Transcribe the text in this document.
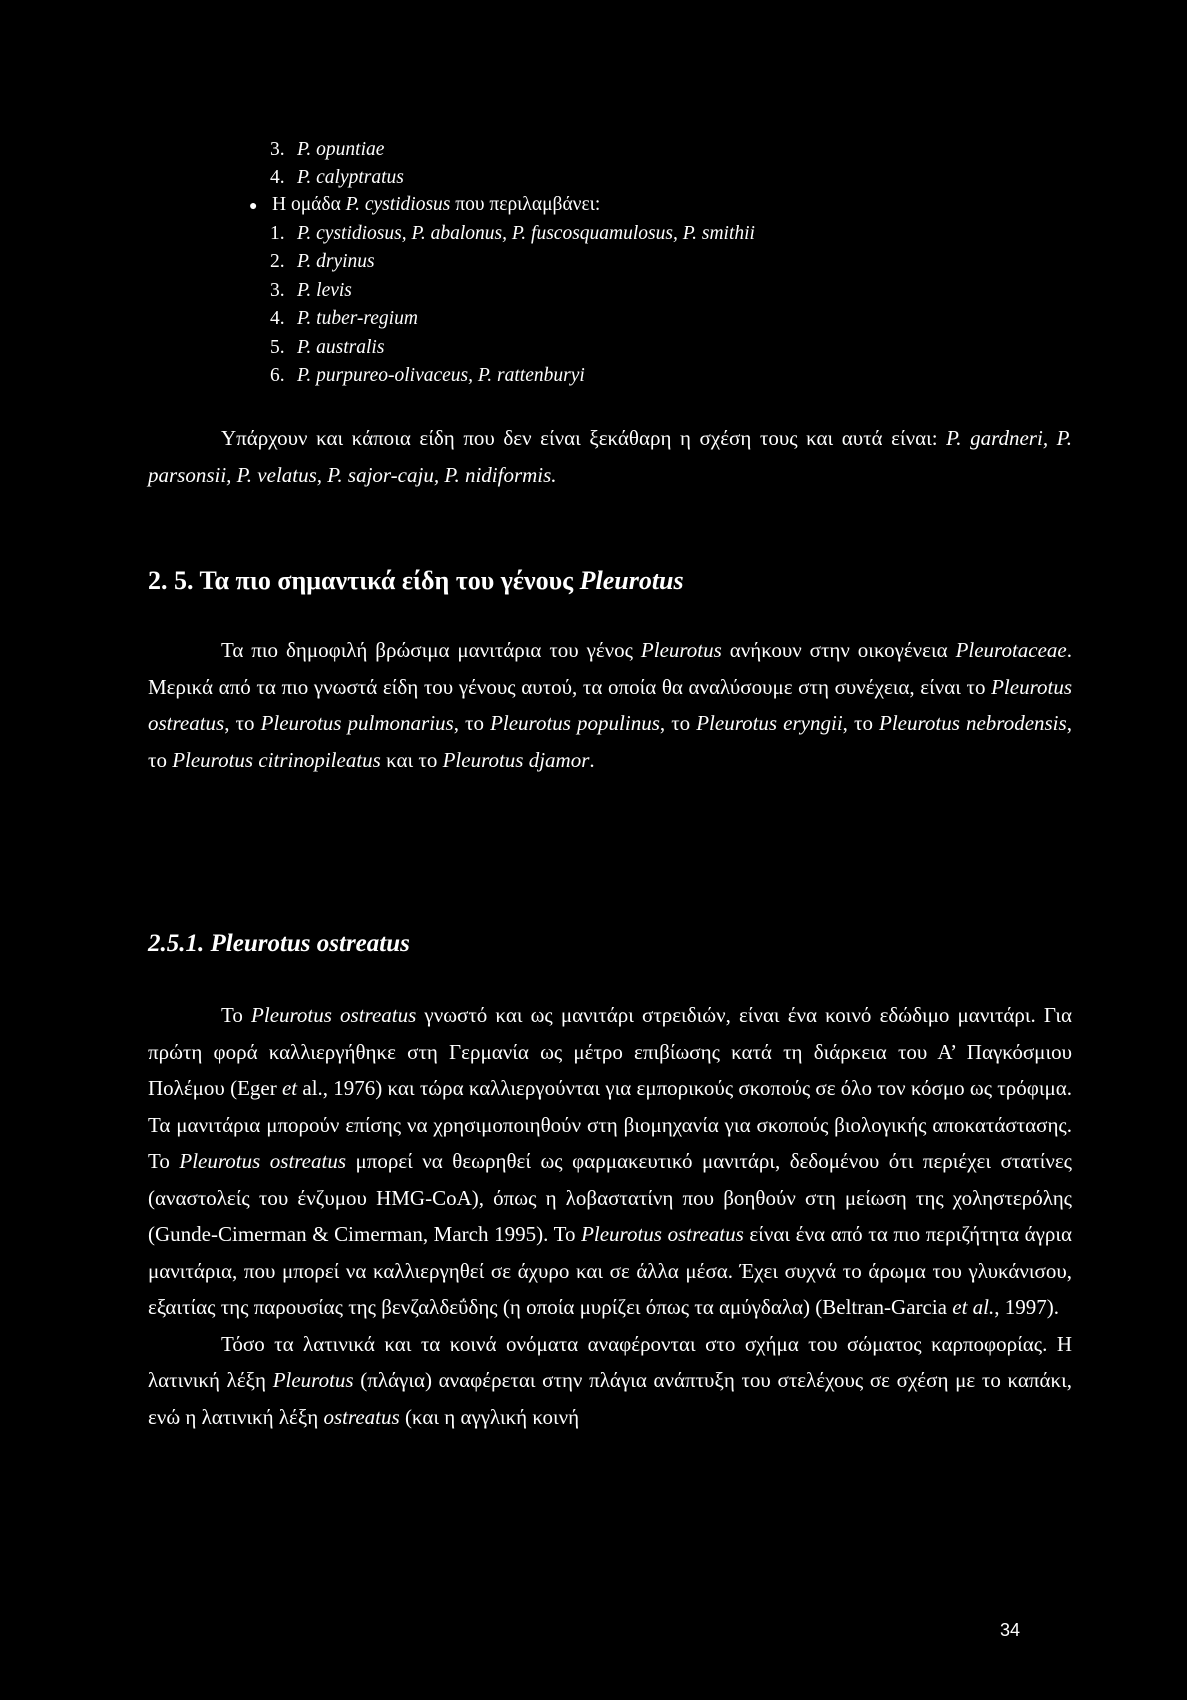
3. P. opuntiae
4. P. calyptratus
● Η ομάδα P. cystidiosus που περιλαμβάνει:
1. P. cystidiosus, P. abalonus, P. fuscosquamulosus, P. smithii
2. P. dryinus
3. P. levis
4. P. tuber-regium
5. P. australis
6. P. purpureo-olivaceus, P. rattenburyi

Υπάρχουν και κάποια είδη που δεν είναι ξεκάθαρη η σχέση τους και αυτά είναι: P. gardneri, P. parsonsii, P. velatus, P. sajor-caju, P. nidiformis.

2. 5. Τα πιο σημαντικά είδη του γένους Pleurotus

Τα πιο δημοφιλή βρώσιμα μανιτάρια του γένος Pleurotus ανήκουν στην οικογένεια Pleurotaceae. Μερικά από τα πιο γνωστά είδη του γένους αυτού, τα οποία θα αναλύσουμε στη συνέχεια, είναι το Pleurotus ostreatus, το Pleurotus pulmonarius, το Pleurotus populinus, το Pleurotus eryngii, το Pleurotus nebrodensis, το Pleurotus citrinopileatus και το Pleurotus djamor.

2.5.1. Pleurotus ostreatus

Το Pleurotus ostreatus γνωστό και ως μανιτάρι στρειδιών, είναι ένα κοινό εδώδιμο μανιτάρι. Για πρώτη φορά καλλιεργήθηκε στη Γερμανία ως μέτρο επιβίωσης κατά τη διάρκεια του Α’ Παγκόσμιου Πολέμου (Eger et al., 1976) και τώρα καλλιεργούνται για εμπορικούς σκοπούς σε όλο τον κόσμο ως τρόφιμα. Τα μανιτάρια μπορούν επίσης να χρησιμοποιηθούν στη βιομηχανία για σκοπούς βιολογικής αποκατάστασης. Το Pleurotus ostreatus μπορεί να θεωρηθεί ως φαρμακευτικό μανιτάρι, δεδομένου ότι περιέχει στατίνες (αναστολείς του ένζυμου HMG-CoA), όπως η λοβαστατίνη που βοηθούν στη μείωση της χοληστερόλης (Gunde-Cimerman & Cimerman, March 1995). Το Pleurotus ostreatus είναι ένα από τα πιο περιζήτητα άγρια μανιτάρια, που μπορεί να καλλιεργηθεί σε άχυρο και σε άλλα μέσα. Έχει συχνά το άρωμα του γλυκάνισου, εξαιτίας της παρουσίας της βενζαλδεΰδης (η οποία μυρίζει όπως τα αμύγδαλα) (Beltran-Garcia et al., 1997).

Τόσο τα λατινικά και τα κοινά ονόματα αναφέρονται στο σχήμα του σώματος καρποφορίας. Η λατινική λέξη Pleurotus (πλάγια) αναφέρεται στην πλάγια ανάπτυξη του στελέχους σε σχέση με το καπάκι, ενώ η λατινική λέξη ostreatus (και η αγγλική κοινή

34
